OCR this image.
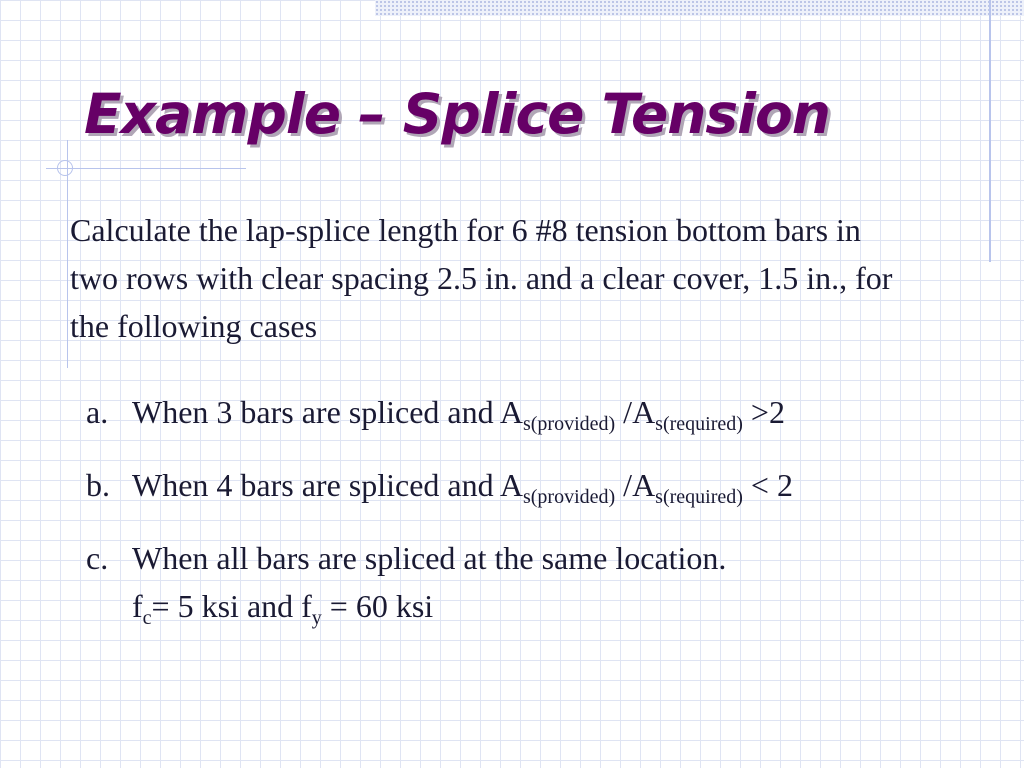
Example – Splice Tension

Calculate the lap-splice length for 6 #8 tension bottom bars in two rows with clear spacing 2.5 in. and a clear cover, 1.5 in., for the following cases

a. When 3 bars are spliced and $A_{s(provided)}$ $/A_{s(required)} >2$
b. When 4 bars are spliced and $A_{s(provided)}$ $/A_{s(required)} < 2$
c. When all bars are spliced at the same location.
$f_c= 5$ ksi and $f_y = 60$ ksi
